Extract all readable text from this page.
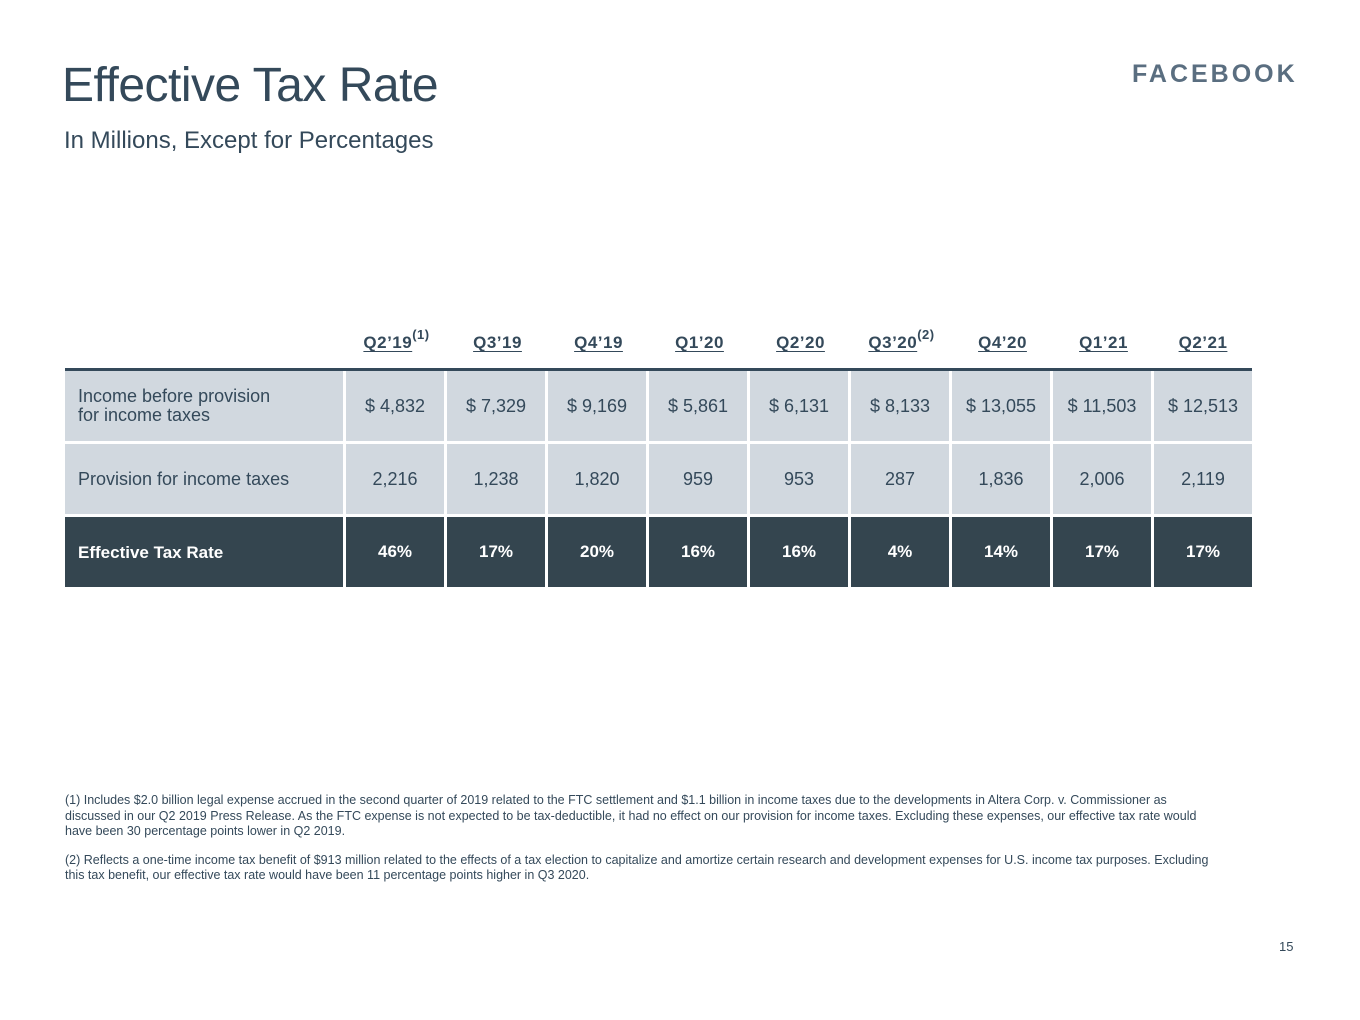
Effective Tax Rate
In Millions, Except for Percentages
FACEBOOK
	Q2’19$^{(1)}$	Q3’19	Q4’19	Q1’20	Q2’20	Q3’20$^{(2)}$	Q4’20	Q1’21	Q2’21

Income before provision
for income taxes	$ 4,832	$ 7,329	$ 9,169	$ 5,861	$ 6,131	$ 8,133	$ 13,055	$ 11,503	$ 12,513
Provision for income taxes	2,216	1,238	1,820	959	953	287	1,836	2,006	2,119
Effective Tax Rate	46%	17%	20%	16%	16%	4%	14%	17%	17%

(1) Includes $2.0 billion legal expense accrued in the second quarter of 2019 related to the FTC settlement and $1.1 billion in income taxes due to the developments in Altera Corp. v. Commissioner as discussed in our Q2 2019 Press Release. As the FTC expense is not expected to be tax-deductible, it had no effect on our provision for income taxes. Excluding these expenses, our effective tax rate would have been 30 percentage points lower in Q2 2019.

(2) Reflects a one-time income tax benefit of $913 million related to the effects of a tax election to capitalize and amortize certain research and development expenses for U.S. income tax purposes. Excluding this tax benefit, our effective tax rate would have been 11 percentage points higher in Q3 2020.

15
